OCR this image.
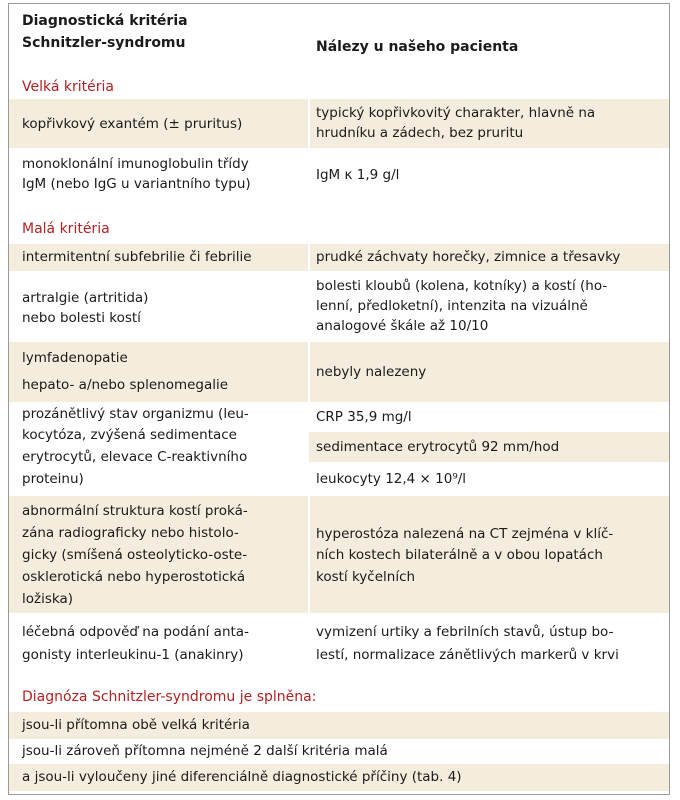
Diagnostická kritéria
Schnitzler-syndromu	Nálezy u našeho pacienta
Velká kritéria
kopřivkový exantém (± pruritus)
typický kopřivkovitý charakter, hlavně na
hrudníku a zádech, bez pruritu
monoklonální imunoglobulin třídy
IgM (nebo IgG u variantního typu)
IgM κ 1,9 g/l
Malá kritéria
intermitentní subfebrilie či febrilie	prudké záchvaty horečky, zimnice a třesavky
artralgie (artritida)
nebo bolesti kostí
bolesti kloubů (kolena, kotníky) a kostí (ho-
lenní, předloketní), intenzita na vizuálně
analogové škále až 10/10
lymfadenopatie
hepato- a/nebo splenomegalie
nebyly nalezeny
prozánětlivý stav organizmu (leu-
kocytóza, zvýšená sedimentace
erytrocytů, elevace C-reaktivního
proteinu)
CRP 35,9 mg/l
sedimentace erytrocytů 92 mm/hod
leukocyty 12,4 × 10⁹/l
abnormální struktura kostí proká-
zána radiograficky nebo histolo-
gicky (smíšená osteolyticko-oste-
osklerotická nebo hyperostotická
ložiska)
hyperostóza nalezená na CT zejména v klíč-
ních kostech bilaterálně a v obou lopatách
kostí kyčelních
léčebná odpověď na podání anta-
gonisty interleukinu-1 (anakinry)
vymizení urtiky a febrilních stavů, ústup bo-
lestí, normalizace zánětlivých markerů v krvi
Diagnóza Schnitzler-syndromu je splněna:
jsou-li přítomna obě velká kritéria
jsou-li zároveň přítomna nejméně 2 další kritéria malá
a jsou-li vyloučeny jiné diferenciálně diagnostické příčiny (tab. 4)
